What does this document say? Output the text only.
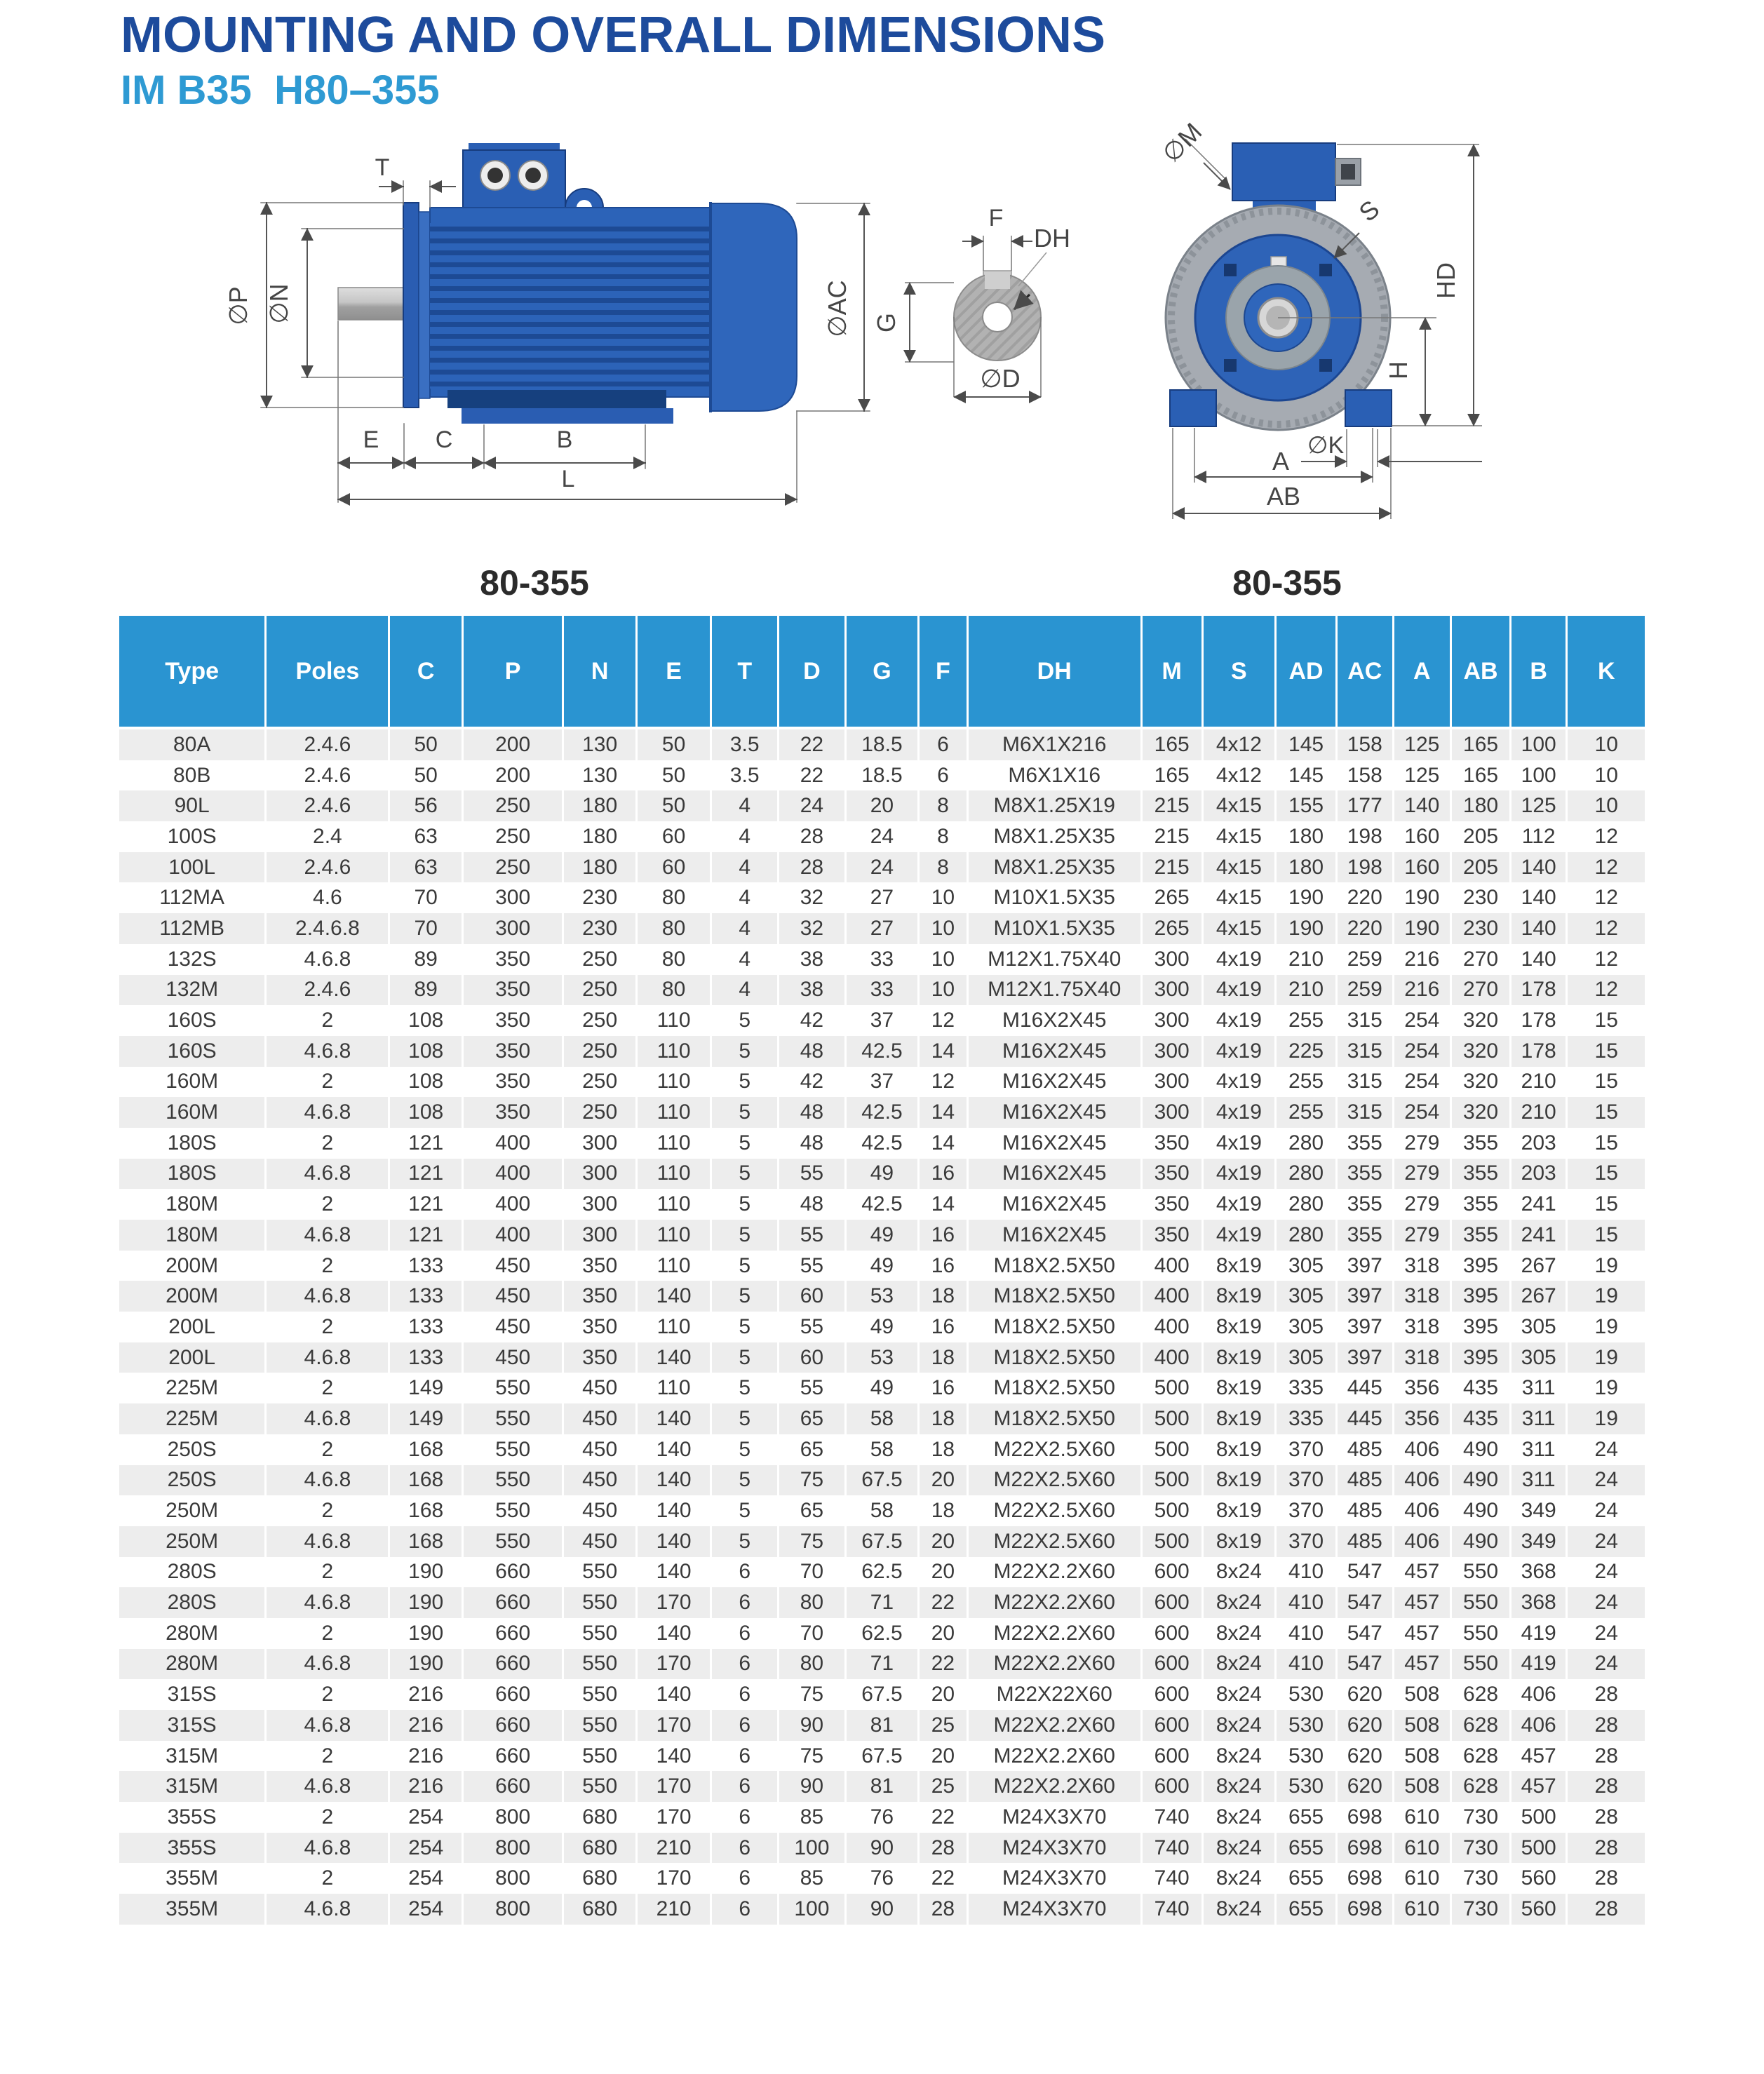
MOUNTING AND OVERALL DIMENSIONS
IM B35  H80–355
T
∅P ∅N	∅AC
E C	B
L
80-355
F
DH
G
∅D
∅M
S
HD
H
∅K
A
AB
80-355
Type	Poles	C	P	N	E	T	D	G	F	DH	M	S	AD	AC	A	AB	B	K
80A	2.4.6	50	200	130	50	3.5	22	18.5	6	M6X1X216	165	4x12	145	158	125	165	100	10
80B	2.4.6	50	200	130	50	3.5	22	18.5	6	M6X1X16	165	4x12	145	158	125	165	100	10
90L	2.4.6	56	250	180	50	4	24	20	8	M8X1.25X19	215	4x15	155	177	140	180	125	10
100S	2.4	63	250	180	60	4	28	24	8	M8X1.25X35	215	4x15	180	198	160	205	112	12
100L	2.4.6	63	250	180	60	4	28	24	8	M8X1.25X35	215	4x15	180	198	160	205	140	12
112MA	4.6	70	300	230	80	4	32	27	10	M10X1.5X35	265	4x15	190	220	190	230	140	12
112MB	2.4.6.8	70	300	230	80	4	32	27	10	M10X1.5X35	265	4x15	190	220	190	230	140	12
132S	4.6.8	89	350	250	80	4	38	33	10	M12X1.75X40	300	4x19	210	259	216	270	140	12
132M	2.4.6	89	350	250	80	4	38	33	10	M12X1.75X40	300	4x19	210	259	216	270	178	12
160S	2	108	350	250	110	5	42	37	12	M16X2X45	300	4x19	255	315	254	320	178	15
160S	4.6.8	108	350	250	110	5	48	42.5	14	M16X2X45	300	4x19	225	315	254	320	178	15
160M	2	108	350	250	110	5	42	37	12	M16X2X45	300	4x19	255	315	254	320	210	15
160M	4.6.8	108	350	250	110	5	48	42.5	14	M16X2X45	300	4x19	255	315	254	320	210	15
180S	2	121	400	300	110	5	48	42.5	14	M16X2X45	350	4x19	280	355	279	355	203	15
180S	4.6.8	121	400	300	110	5	55	49	16	M16X2X45	350	4x19	280	355	279	355	203	15
180M	2	121	400	300	110	5	48	42.5	14	M16X2X45	350	4x19	280	355	279	355	241	15
180M	4.6.8	121	400	300	110	5	55	49	16	M16X2X45	350	4x19	280	355	279	355	241	15
200M	2	133	450	350	110	5	55	49	16	M18X2.5X50	400	8x19	305	397	318	395	267	19
200M	4.6.8	133	450	350	140	5	60	53	18	M18X2.5X50	400	8x19	305	397	318	395	267	19
200L	2	133	450	350	110	5	55	49	16	M18X2.5X50	400	8x19	305	397	318	395	305	19
200L	4.6.8	133	450	350	140	5	60	53	18	M18X2.5X50	400	8x19	305	397	318	395	305	19
225M	2	149	550	450	110	5	55	49	16	M18X2.5X50	500	8x19	335	445	356	435	311	19
225M	4.6.8	149	550	450	140	5	65	58	18	M18X2.5X50	500	8x19	335	445	356	435	311	19
250S	2	168	550	450	140	5	65	58	18	M22X2.5X60	500	8x19	370	485	406	490	311	24
250S	4.6.8	168	550	450	140	5	75	67.5	20	M22X2.5X60	500	8x19	370	485	406	490	311	24
250M	2	168	550	450	140	5	65	58	18	M22X2.5X60	500	8x19	370	485	406	490	349	24
250M	4.6.8	168	550	450	140	5	75	67.5	20	M22X2.5X60	500	8x19	370	485	406	490	349	24
280S	2	190	660	550	140	6	70	62.5	20	M22X2.2X60	600	8x24	410	547	457	550	368	24
280S	4.6.8	190	660	550	170	6	80	71	22	M22X2.2X60	600	8x24	410	547	457	550	368	24
280M	2	190	660	550	140	6	70	62.5	20	M22X2.2X60	600	8x24	410	547	457	550	419	24
280M	4.6.8	190	660	550	170	6	80	71	22	M22X2.2X60	600	8x24	410	547	457	550	419	24
315S	2	216	660	550	140	6	75	67.5	20	M22X22X60	600	8x24	530	620	508	628	406	28
315S	4.6.8	216	660	550	170	6	90	81	25	M22X2.2X60	600	8x24	530	620	508	628	406	28
315M	2	216	660	550	140	6	75	67.5	20	M22X2.2X60	600	8x24	530	620	508	628	457	28
315M	4.6.8	216	660	550	170	6	90	81	25	M22X2.2X60	600	8x24	530	620	508	628	457	28
355S	2	254	800	680	170	6	85	76	22	M24X3X70	740	8x24	655	698	610	730	500	28
355S	4.6.8	254	800	680	210	6	100	90	28	M24X3X70	740	8x24	655	698	610	730	500	28
355M	2	254	800	680	170	6	85	76	22	M24X3X70	740	8x24	655	698	610	730	560	28
355M	4.6.8	254	800	680	210	6	100	90	28	M24X3X70	740	8x24	655	698	610	730	560	28
